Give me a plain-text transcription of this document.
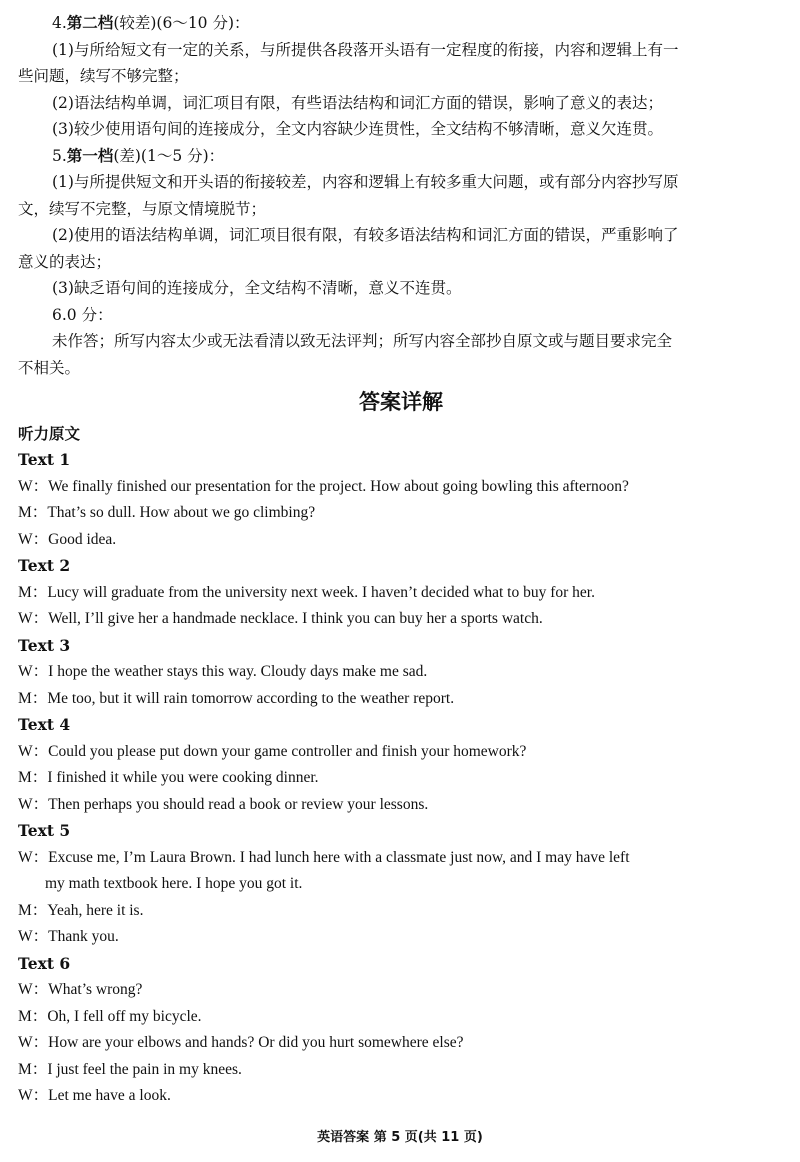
4.第二档(较差)(6～10 分)：
(1)与所给短文有一定的关系，与所提供各段落开头语有一定程度的衔接，内容和逻辑上有一
些问题，续写不够完整；
(2)语法结构单调，词汇项目有限，有些语法结构和词汇方面的错误，影响了意义的表达；
(3)较少使用语句间的连接成分，全文内容缺少连贯性，全文结构不够清晰，意义欠连贯。
5.第一档(差)(1～5 分)：
(1)与所提供短文和开头语的衔接较差，内容和逻辑上有较多重大问题，或有部分内容抄写原
文，续写不完整，与原文情境脱节；
(2)使用的语法结构单调，词汇项目很有限，有较多语法结构和词汇方面的错误，严重影响了
意义的表达；
(3)缺乏语句间的连接成分，全文结构不清晰，意义不连贯。
6.0 分：
未作答；所写内容太少或无法看清以致无法评判；所写内容全部抄自原文或与题目要求完全
不相关。
答案详解
听力原文
Text 1
W：We finally finished our presentation for the project. How about going bowling this afternoon?
M：That’s so dull. How about we go climbing?
W：Good idea.
Text 2
M：Lucy will graduate from the university next week. I haven’t decided what to buy for her.
W：Well, I’ll give her a handmade necklace. I think you can buy her a sports watch.
Text 3
W：I hope the weather stays this way. Cloudy days make me sad.
M：Me too, but it will rain tomorrow according to the weather report.
Text 4
W：Could you please put down your game controller and finish your homework?
M：I finished it while you were cooking dinner.
W：Then perhaps you should read a book or review your lessons.
Text 5
W：Excuse me, I’m Laura Brown. I had lunch here with a classmate just now, and I may have left
my math textbook here. I hope you got it.
M：Yeah, here it is.
W：Thank you.
Text 6
W：What’s wrong?
M：Oh, I fell off my bicycle.
W：How are your elbows and hands? Or did you hurt somewhere else?
M：I just feel the pain in my knees.
W：Let me have a look.
英语答案 第 5 页(共 11 页)
